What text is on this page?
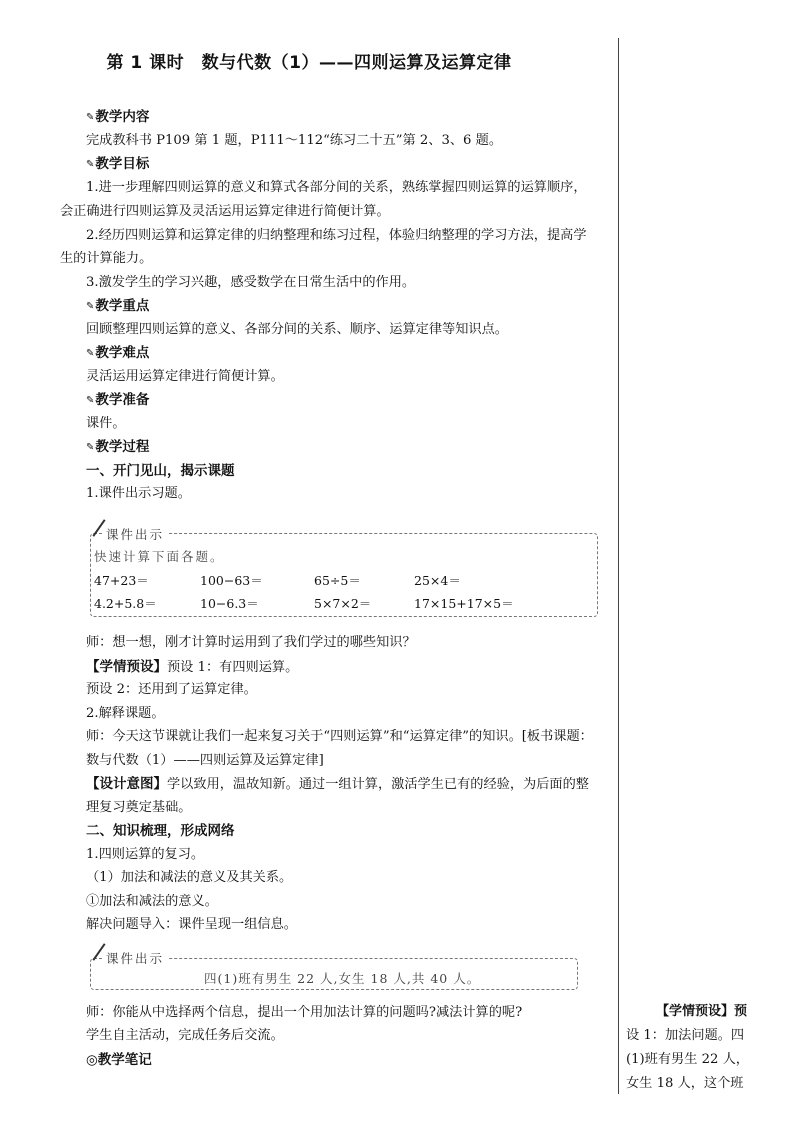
第 1 课时　数与代数（1）——四则运算及运算定律
✎教学内容
完成教科书 P109 第 1 题，P111～112“练习二十五”第 2、3、6 题。
✎教学目标
1.进一步理解四则运算的意义和算式各部分间的关系，熟练掌握四则运算的运算顺序，
会正确进行四则运算及灵活运用运算定律进行简便计算。
2.经历四则运算和运算定律的归纳整理和练习过程，体验归纳整理的学习方法，提高学
生的计算能力。
3.激发学生的学习兴趣，感受数学在日常生活中的作用。
✎教学重点
回顾整理四则运算的意义、各部分间的关系、顺序、运算定律等知识点。
✎教学难点
灵活运用运算定律进行简便计算。
✎教学准备
课件。
✎教学过程
一、开门见山，揭示课题
1.课件出示习题。
课件出示
快速计算下面各题。
47+23＝	100−63＝	65÷5＝	25×4＝
4.2+5.8＝	10−6.3＝	5×7×2＝	17×15+17×5＝
师：想一想，刚才计算时运用到了我们学过的哪些知识？
【学情预设】预设 1：有四则运算。
预设 2：还用到了运算定律。
2.解释课题。
师：今天这节课就让我们一起来复习关于“四则运算”和“运算定律”的知识。[板书课题：
数与代数（1）——四则运算及运算定律]
【设计意图】学以致用，温故知新。通过一组计算，激活学生已有的经验，为后面的整
理复习奠定基础。
二、知识梳理，形成网络
1.四则运算的复习。
（1）加法和减法的意义及其关系。
①加法和减法的意义。
解决问题导入：课件呈现一组信息。
课件出示
四(1)班有男生 22 人,女生 18 人,共 40 人。
师：你能从中选择两个信息，提出一个用加法计算的问题吗?减法计算的呢?
学生自主活动，完成任务后交流。
◎教学笔记
【学情预设】预
设 1：加法问题。四
(1)班有男生 22 人，
女生 18 人，这个班
